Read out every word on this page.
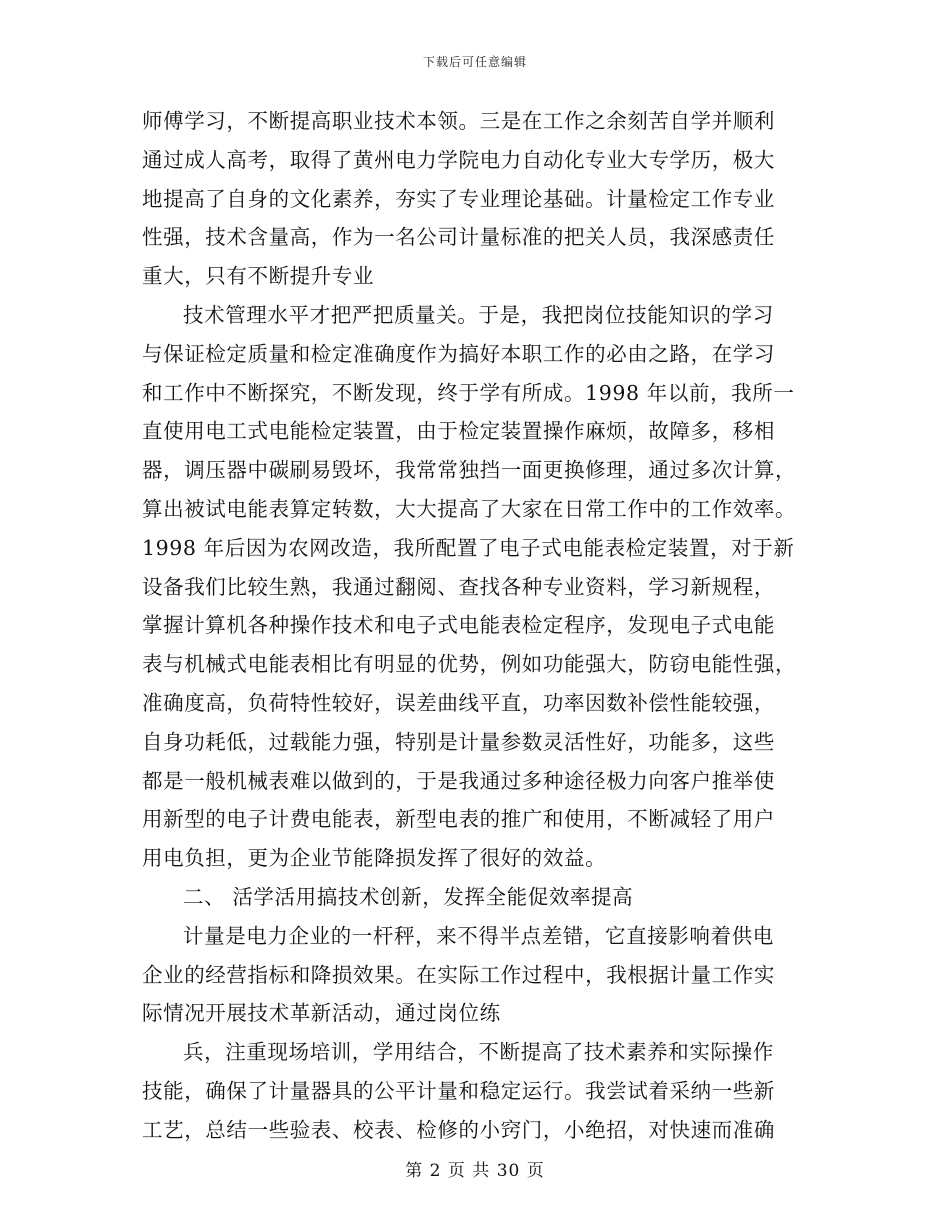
下载后可任意编辑
师傅学习，不断提高职业技术本领。三是在工作之余刻苦自学并顺利
通过成人高考，取得了黄州电力学院电力自动化专业大专学历，极大
地提高了自身的文化素养，夯实了专业理论基础。计量检定工作专业
性强，技术含量高，作为一名公司计量标准的把关人员，我深感责任
重大，只有不断提升专业
技术管理水平才把严把质量关。于是，我把岗位技能知识的学习
与保证检定质量和检定准确度作为搞好本职工作的必由之路，在学习
和工作中不断探究，不断发现，终于学有所成。1998 年以前，我所一
直使用电工式电能检定装置，由于检定装置操作麻烦，故障多，移相
器，调压器中碳刷易毁坏，我常常独挡一面更换修理，通过多次计算，
算出被试电能表算定转数，大大提高了大家在日常工作中的工作效率。
1998 年后因为农网改造，我所配置了电子式电能表检定装置，对于新
设备我们比较生熟，我通过翻阅、查找各种专业资料，学习新规程，
掌握计算机各种操作技术和电子式电能表检定程序，发现电子式电能
表与机械式电能表相比有明显的优势，例如功能强大，防窃电能性强，
准确度高，负荷特性较好，误差曲线平直，功率因数补偿性能较强，
自身功耗低，过载能力强，特别是计量参数灵活性好，功能多，这些
都是一般机械表难以做到的，于是我通过多种途径极力向客户推举使
用新型的电子计费电能表，新型电表的推广和使用，不断减轻了用户
用电负担，更为企业节能降损发挥了很好的效益。
二、 活学活用搞技术创新，发挥全能促效率提高
计量是电力企业的一杆秤，来不得半点差错，它直接影响着供电
企业的经营指标和降损效果。在实际工作过程中，我根据计量工作实
际情况开展技术革新活动，通过岗位练
兵，注重现场培训，学用结合，不断提高了技术素养和实际操作
技能，确保了计量器具的公平计量和稳定运行。我尝试着采纳一些新
工艺，总结一些验表、校表、检修的小窍门，小绝招，对快速而准确
第 2 页 共 30 页
